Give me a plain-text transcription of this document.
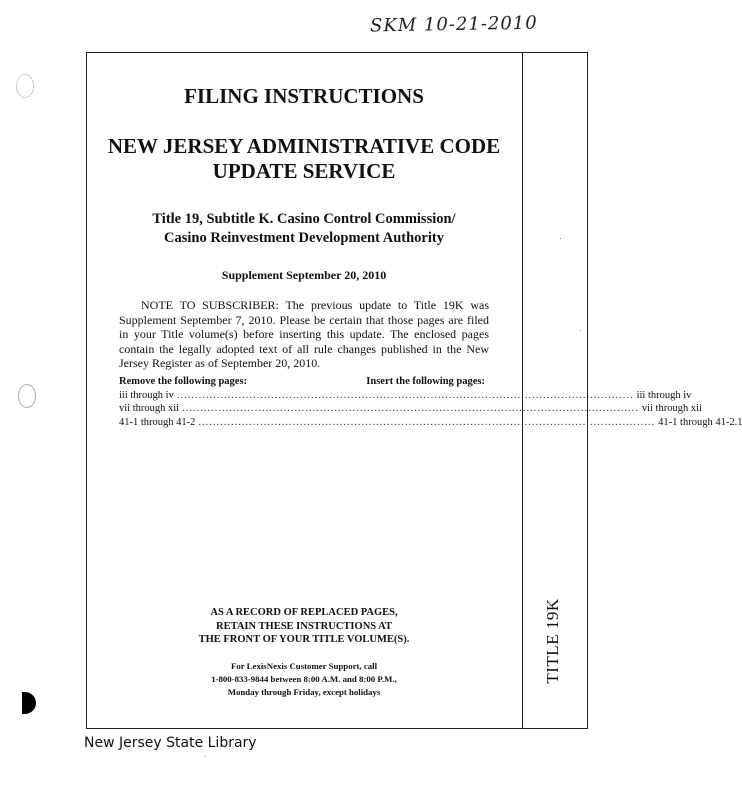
SKM 10-21-2010
TITLE 19K
FILING INSTRUCTIONS
NEW JERSEY ADMINISTRATIVE CODE
UPDATE SERVICE
Title 19, Subtitle K. Casino Control Commission/
Casino Reinvestment Development Authority
Supplement September 20, 2010
NOTE TO SUBSCRIBER: The previous update to Title 19K was Supplement September 7, 2010. Please be certain that those pages are filed in your Title volume(s) before inserting this update. The enclosed pages contain the legally adopted text of all rule changes published in the New Jersey Register as of September 20, 2010.
Remove the following pages:	Insert the following pages:
iii through iv .............................................................................................................................. iii through iv
vii through xii .............................................................................................................................. vii through xii
41-1 through 41-2 .............................................................................................................................. 41-1 through 41-2.1
AS A RECORD OF REPLACED PAGES,
RETAIN THESE INSTRUCTIONS AT
THE FRONT OF YOUR TITLE VOLUME(S).
For LexisNexis Customer Support, call
1-800-833-9844 between 8:00 A.M. and 8:00 P.M.,
Monday through Friday, except holidays
New Jersey State Library
